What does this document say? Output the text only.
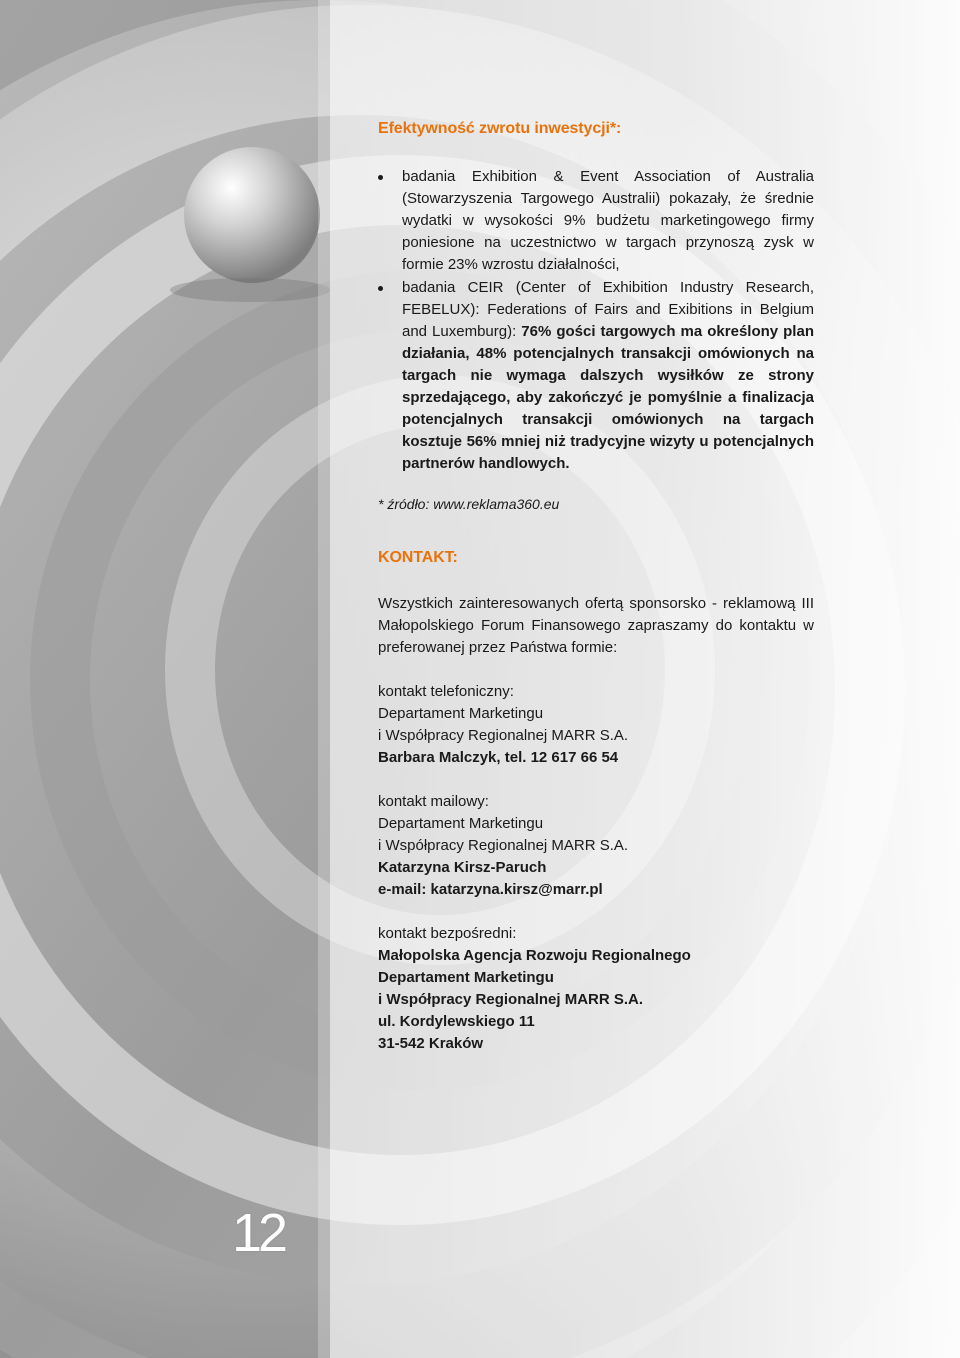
Efektywność zwrotu inwestycji*:
badania Exhibition & Event Association of Australia (Stowarzyszenia Targowego Australii) pokazały, że średnie wydatki w wysokości 9% budżetu marketingowego firmy poniesione na uczestnictwo w targach przynoszą zysk w formie 23% wzrostu działalności,
badania CEIR (Center of Exhibition Industry Research, FEBELUX): Federations of Fairs and Exibitions in Belgium and Luxemburg): 76% gości targowych ma określony plan działania, 48% potencjalnych transakcji omówionych na targach nie wymaga dalszych wysiłków ze strony sprzedającego, aby zakończyć je pomyślnie a finalizacja potencjalnych transakcji omówionych na targach kosztuje 56% mniej niż tradycyjne wizyty u potencjalnych partnerów handlowych.
* źródło: www.reklama360.eu
KONTAKT:

Wszystkich zainteresowanych ofertą sponsorsko - reklamową III Małopolskiego Forum Finansowego zapraszamy do kontaktu w preferowanej przez Państwa formie:

kontakt telefoniczny:
Departament Marketingu
i Współpracy Regionalnej MARR S.A.
Barbara Malczyk, tel. 12 617 66 54
kontakt mailowy:
Departament Marketingu
i Współpracy Regionalnej MARR S.A.
Katarzyna Kirsz-Paruch
e-mail: katarzyna.kirsz@marr.pl
kontakt bezpośredni:
Małopolska Agencja Rozwoju Regionalnego
Departament Marketingu
i Współpracy Regionalnej MARR S.A.
ul. Kordylewskiego 11
31-542 Kraków
12
